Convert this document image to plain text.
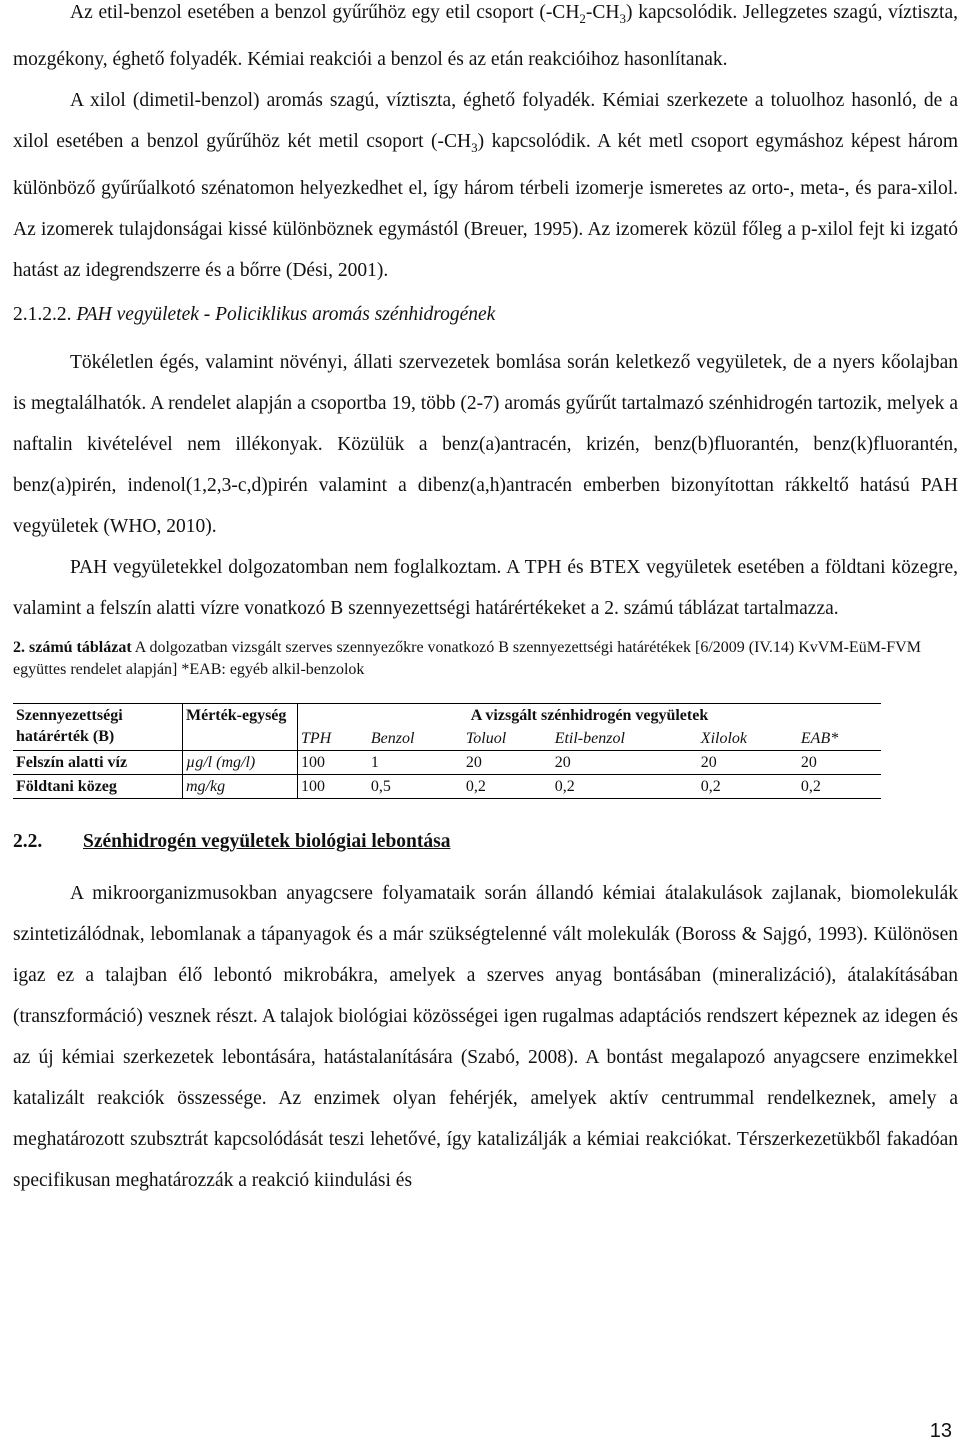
Az etil-benzol esetében a benzol gyűrűhöz egy etil csoport $(-CH_2-CH_3)$ kapcsolódik. Jellegzetes szagú, víztiszta, mozgékony, éghető folyadék. Kémiai reakciói a benzol és az etán reakcióihoz hasonlítanak.

A xilol (dimetil-benzol) aromás szagú, víztiszta, éghető folyadék. Kémiai szerkezete a toluolhoz hasonló, de a xilol esetében a benzol gyűrűhöz két metil csoport $(-CH_3)$ kapcsolódik. A két metl csoport egymáshoz képest három különböző gyűrűalkotó szénatomon helyezkedhet el, így három térbeli izomerje ismeretes az orto-, meta-, és para-xilol. Az izomerek tulajdonságai kissé különböznek egymástól (Breuer, 1995). Az izomerek közül főleg a p-xilol fejt ki izgató hatást az idegrendszerre és a bőrre (Dési, 2001).

2.1.2.2. PAH vegyületek - Policiklikus aromás szénhidrogének

Tökéletlen égés, valamint növényi, állati szervezetek bomlása során keletkező vegyületek, de a nyers kőolajban is megtalálhatók. A rendelet alapján a csoportba 19, több (2-7) aromás gyűrűt tartalmazó szénhidrogén tartozik, melyek a naftalin kivételével nem illékonyak. Közülük a benz(a)antracén, krizén, benz(b)fluorantén, benz(k)fluorantén, benz(a)pirén, indenol(1,2,3-c,d)pirén valamint a dibenz(a,h)antracén emberben bizonyítottan rákkeltő hatású PAH vegyületek (WHO, 2010).

PAH vegyületekkel dolgozatomban nem foglalkoztam. A TPH és BTEX vegyületek esetében a földtani közegre, valamint a felszín alatti vízre vonatkozó B szennyezettségi határértékeket a 2. számú táblázat tartalmazza.

2. számú táblázat A dolgozatban vizsgált szerves szennyezőkre vonatkozó B szennyezettségi határétékek [6/2009 (IV.14) KvVM-EüM-FVM együttes rendelet alapján] *EAB: egyéb alkil-benzolok

Szennyezettségi határérték (B)	Mérték-egység	A vizsgált szénhidrogén vegyületek					
		TPH	Benzol	Toluol	Etil-benzol	Xilolok	EAB*
Felszín alatti víz	µg/l (mg/l)	100	1	20	20	20	20
Földtani közeg	mg/kg	100	0,5	0,2	0,2	0,2	0,2

2.2. Szénhidrogén vegyületek biológiai lebontása

A mikroorganizmusokban anyagcsere folyamataik során állandó kémiai átalakulások zajlanak, biomolekulák szintetizálódnak, lebomlanak a tápanyagok és a már szükségtelenné vált molekulák (Boross & Sajgó, 1993). Különösen igaz ez a talajban élő lebontó mikrobákra, amelyek a szerves anyag bontásában (mineralizáció), átalakításában (transzformáció) vesznek részt. A talajok biológiai közösségei igen rugalmas adaptációs rendszert képeznek az idegen és az új kémiai szerkezetek lebontására, hatástalanítására (Szabó, 2008). A bontást megalapozó anyagcsere enzimekkel katalizált reakciók összessége. Az enzimek olyan fehérjék, amelyek aktív centrummal rendelkeznek, amely a meghatározott szubsztrát kapcsolódását teszi lehetővé, így katalizálják a kémiai reakciókat. Térszerkezetükből fakadóan specifikusan meghatározzák a reakció kiindulási és

13
